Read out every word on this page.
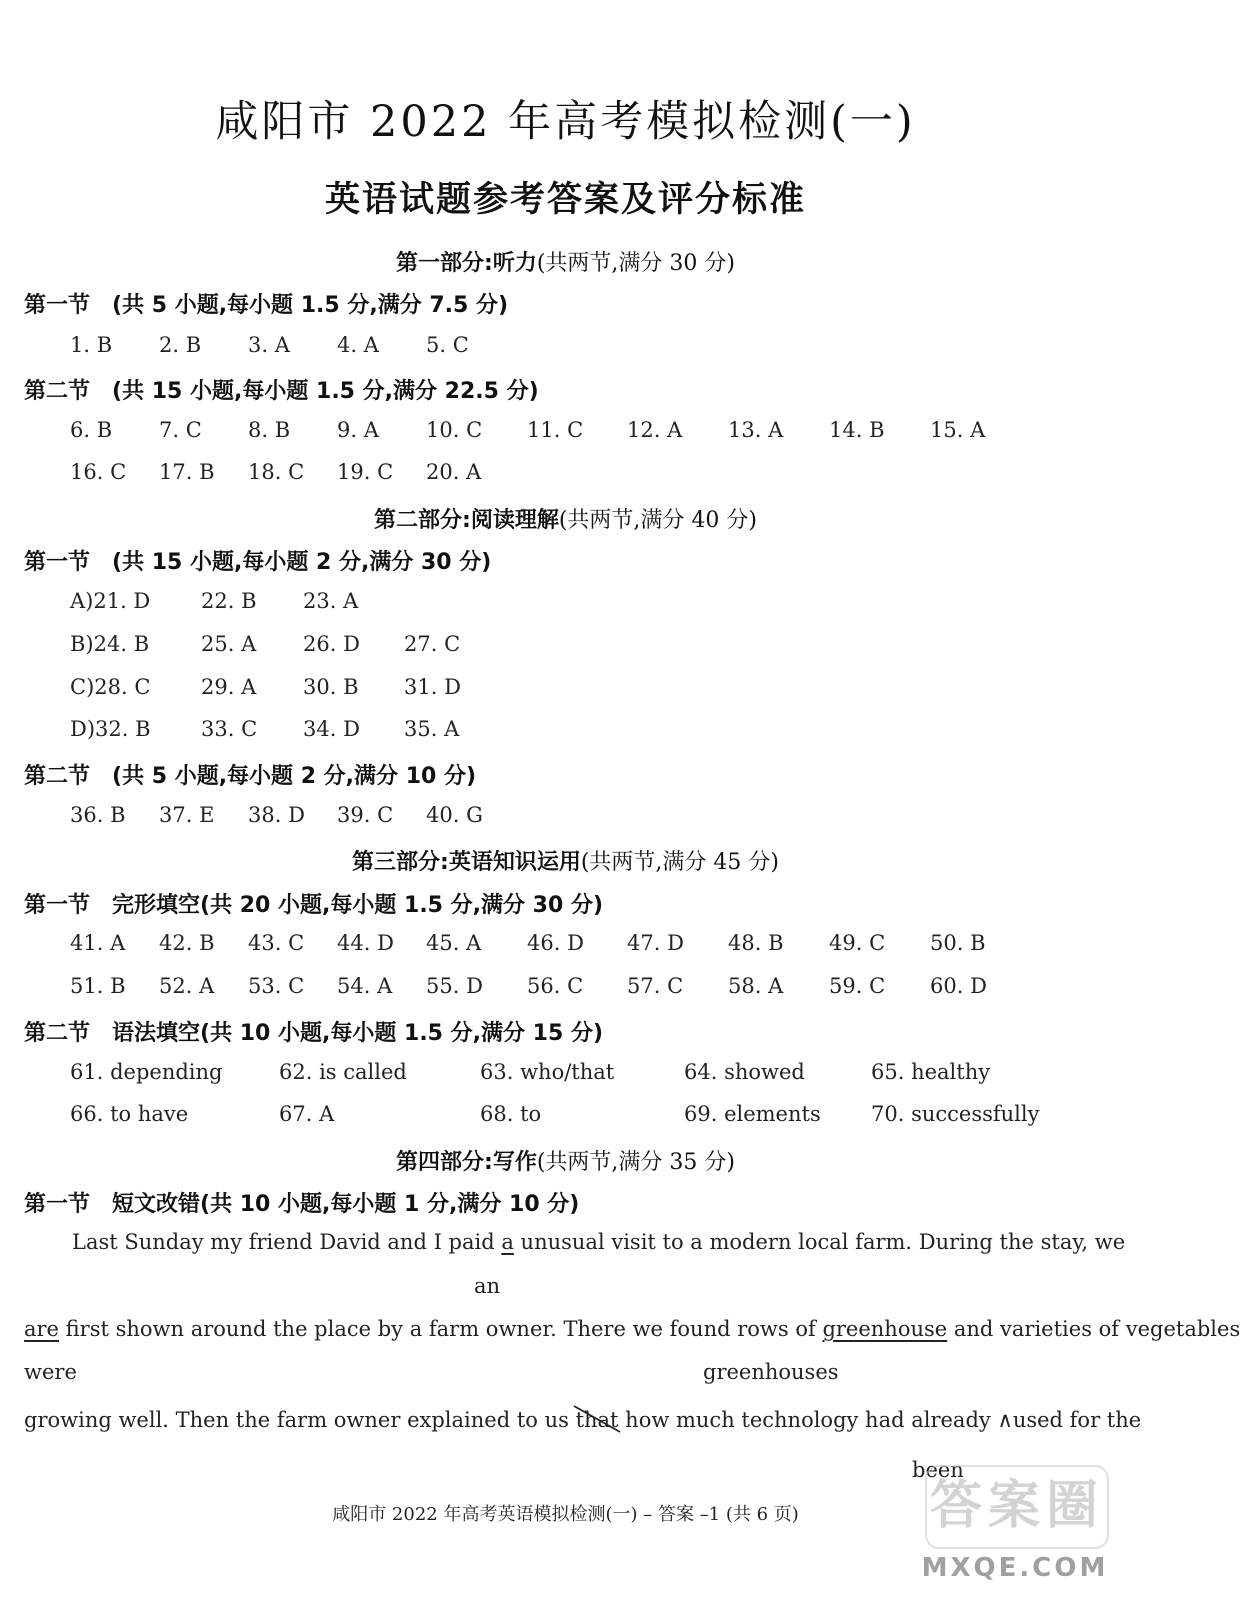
咸阳市 2022 年高考模拟检测(一)
英语试题参考答案及评分标准
第一部分:听力(共两节,满分 30 分)
第一节 (共 5 小题,每小题 1.5 分,满分 7.5 分)
1. B 2. B 3. A 4. A 5. C
第二节 (共 15 小题,每小题 1.5 分,满分 22.5 分)
6. B 7. C 8. B 9. A 10. C 11. C 12. A 13. A 14. B 15. A
16. C 17. B 18. C 19. C 20. A
第二部分:阅读理解(共两节,满分 40 分)
第一节 (共 15 小题,每小题 2 分,满分 30 分)
A)21. D 22. B 23. A
B)24. B 25. A 26. D 27. C
C)28. C 29. A 30. B 31. D
D)32. B 33. C 34. D 35. A
第二节 (共 5 小题,每小题 2 分,满分 10 分)
36. B 37. E 38. D 39. C 40. G
第三部分:英语知识运用(共两节,满分 45 分)
第一节 完形填空(共 20 小题,每小题 1.5 分,满分 30 分)
41. A 42. B 43. C 44. D 45. A 46. D 47. D 48. B 49. C 50. B
51. B 52. A 53. C 54. A 55. D 56. C 57. C 58. A 59. C 60. D
第二节 语法填空(共 10 小题,每小题 1.5 分,满分 15 分)
61. depending	62. is called	63. who/that	64. showed	65. healthy
66. to have	67. A	68. to	69. elements 70. successfully
第四部分:写作(共两节,满分 35 分)
第一节 短文改错(共 10 小题,每小题 1 分,满分 10 分)
Last Sunday my friend David and I paid a unusual visit to a modern local farm. During the stay, we
an
are first shown around the place by a farm owner. There we found rows of greenhouse and varieties of vegetables
were	greenhouses
growing well. Then the farm owner explained to us that
how much technology had already ∧used for the
been
咸阳市 2022 年高考英语模拟检测(一) – 答案 –1 (共 6 页)	答案圈
MXQE.COM
